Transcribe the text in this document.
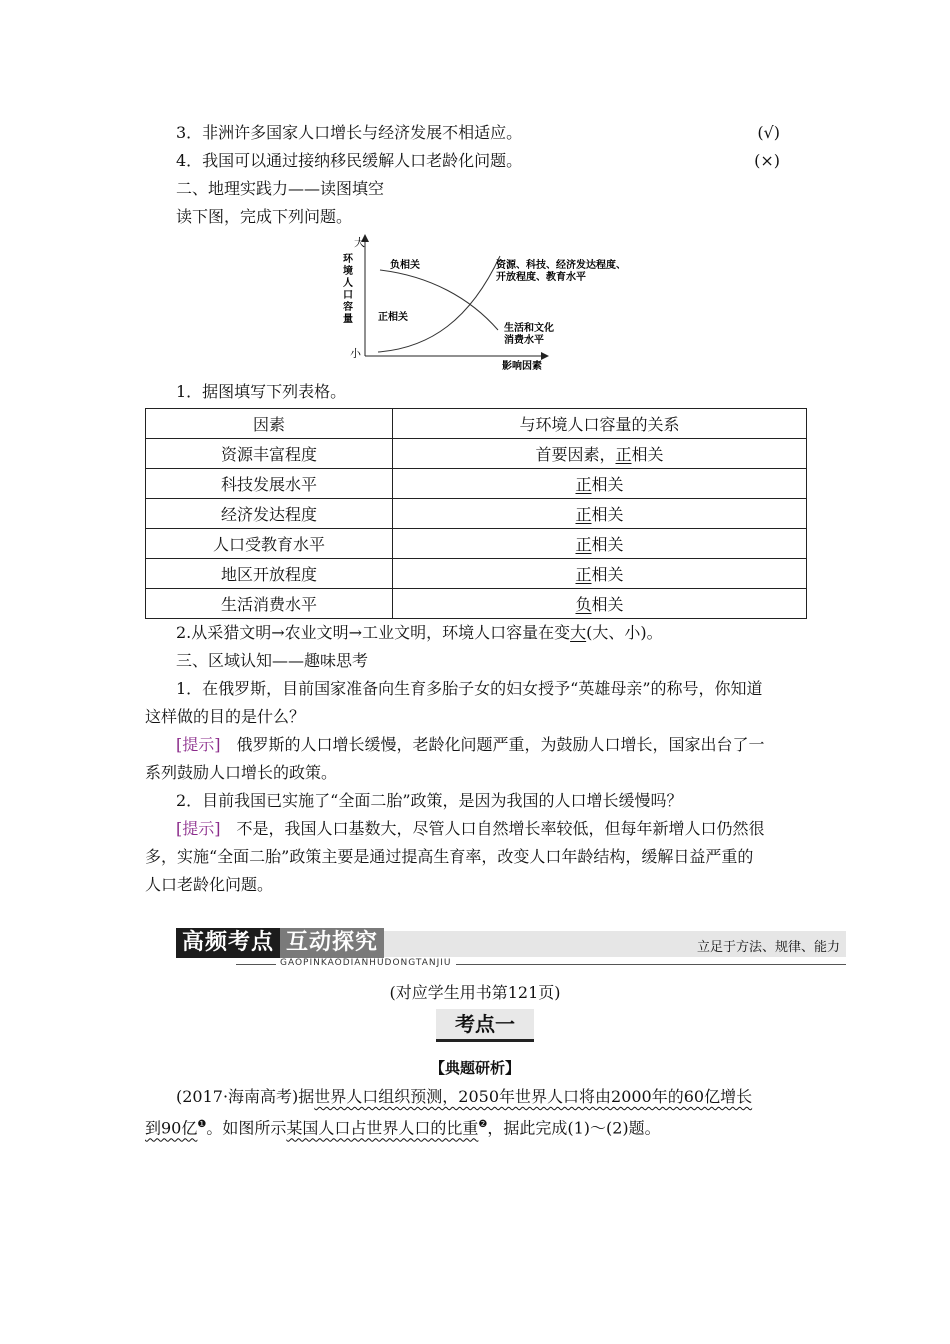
3．非洲许多国家人口增长与经济发展不相适应。	(√)
4．我国可以通过接纳移民缓解人口老龄化问题。	(×)
二、地理实践力——读图填空
读下图，完成下列问题。
大
小
环
境
人
口
容
量
负相关
正相关
资源、科技、经济发达程度、
开放程度、教育水平
生活和文化
消费水平
影响因素
1．据图填写下列表格。
因素	与环境人口容量的关系
资源丰富程度	首要因素，正相关
科技发展水平	正相关
经济发达程度	正相关
人口受教育水平	正相关
地区开放程度	正相关
生活消费水平	负相关
2.从采猎文明→农业文明→工业文明，环境人口容量在变大(大、小)。
三、区域认知——趣味思考
1．在俄罗斯，目前国家准备向生育多胎子女的妇女授予“英雄母亲”的称号，你知道
这样做的目的是什么？
[提示]　 俄罗斯的人口增长缓慢，老龄化问题严重，为鼓励人口增长，国家出台了一
系列鼓励人口增长的政策。
2．目前我国已实施了“全面二胎”政策，是因为我国的人口增长缓慢吗？
[提示]　 不是，我国人口基数大，尽管人口自然增长率较低，但每年新增人口仍然很
多，实施“全面二胎”政策主要是通过提高生育率，改变人口年龄结构，缓解日益严重的
人口老龄化问题。
高频考点 互动探究	立足于方法、规律、能力
GAOPINKAODIANHUDONGTANJIU
(对应学生用书第121页)
考点一
【典题研析】
(2017·海南高考)据世界人口组织预测，2050年世界人口将由2000年的60亿增长
到90亿$^❶$。如图所示某国人口占世界人口的比重$^❷$，据此完成(1)～(2)题。
